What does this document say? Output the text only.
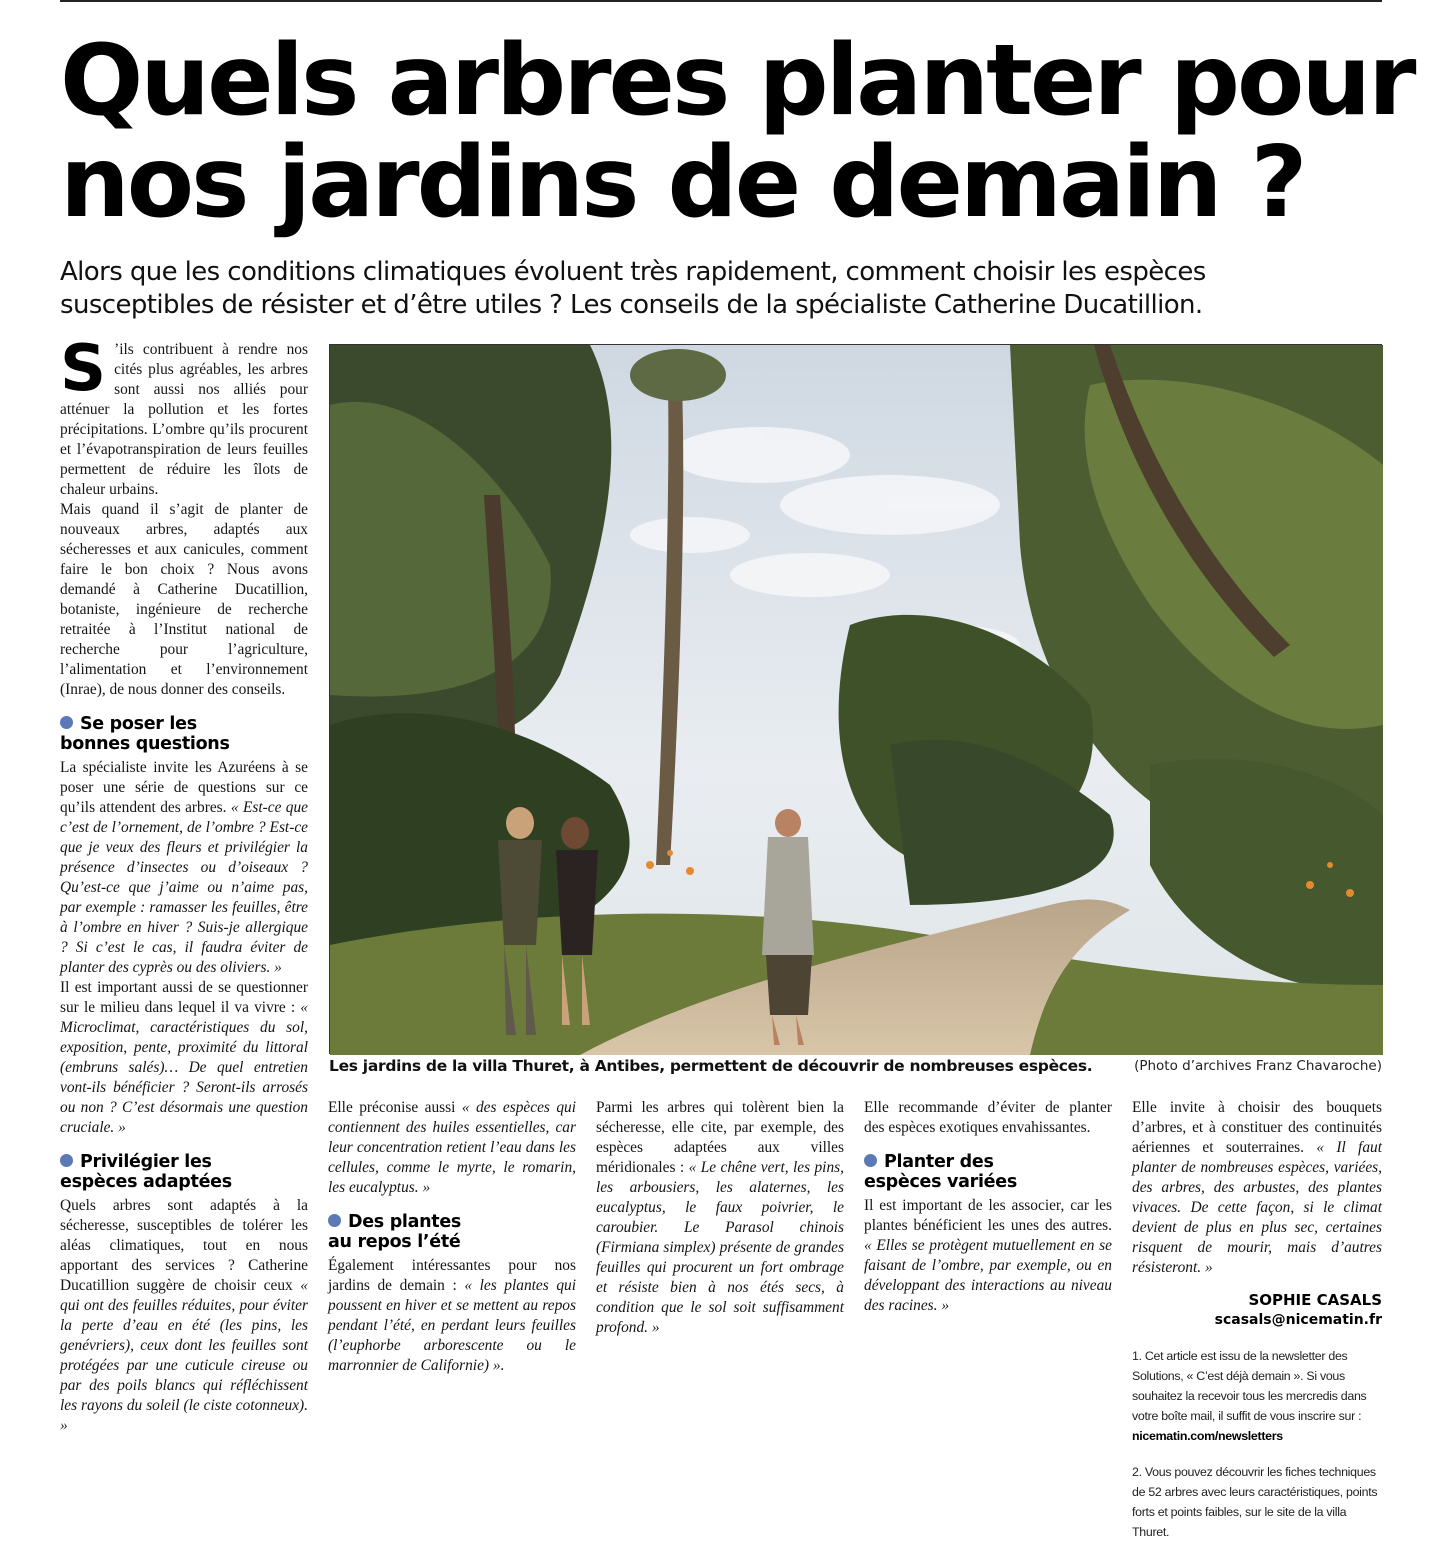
Quels arbres planter pour
nos jardins de demain ?
Alors que les conditions climatiques évoluent très rapidement, comment choisir les espèces
susceptibles de résister et d’être utiles ? Les conseils de la spécialiste Catherine Ducatillion.

S ’ils contribuent à rendre nos cités plus agréables, les arbres sont aussi nos alliés pour atténuer la pollution et les fortes précipitations. L’ombre qu’ils procurent et l’évapotranspiration de leurs feuilles permettent de réduire les îlots de chaleur urbains.

Mais quand il s’agit de planter de nouveaux arbres, adaptés aux sécheresses et aux canicules, comment faire le bon choix ? Nous avons demandé à Catherine Ducatillion, botaniste, ingénieure de recherche retraitée à l’Institut national de recherche pour l’agriculture, l’alimentation et l’environnement (Inrae), de nous donner des conseils.

Se poser les
bonnes questions

La spécialiste invite les Azuréens à se poser une série de questions sur ce qu’ils attendent des arbres. « Est-ce que c’est de l’ornement, de l’ombre ? Est-ce que je veux des fleurs et privilégier la présence d’insectes ou d’oiseaux ? Qu’est-ce que j’aime ou n’aime pas, par exemple : ramasser les feuilles, être à l’ombre en hiver ? Suis-je allergique ? Si c’est le cas, il faudra éviter de planter des cyprès ou des oliviers. »

Il est important aussi de se questionner sur le milieu dans lequel il va vivre : « Microclimat, caractéristiques du sol, exposition, pente, proximité du littoral (embruns salés)… De quel entretien vont-ils bénéficier ? Seront-ils arrosés ou non ? C’est désormais une question cruciale. »

Privilégier les
espèces adaptées

Quels arbres sont adaptés à la sécheresse, susceptibles de tolérer les aléas climatiques, tout en nous apportant des services ? Catherine Ducatillion suggère de choisir ceux « qui ont des feuilles réduites, pour éviter la perte d’eau en été (les pins, les genévriers), ceux dont les feuilles sont protégées par une cuticule cireuse ou par des poils blancs qui réfléchissent les rayons du soleil (le ciste cotonneux). »

Les jardins de la villa Thuret, à Antibes, permettent de découvrir de nombreuses espèces.	(Photo d’archives Franz Chavaroche)

Elle préconise aussi « des espèces qui contiennent des huiles essentielles, car leur concentration retient l’eau dans les cellules, comme le myrte, le romarin, les eucalyptus. »

Des plantes
au repos l’été

Également intéressantes pour nos jardins de demain : « les plantes qui poussent en hiver et se mettent au repos pendant l’été, en perdant leurs feuilles (l’euphorbe arborescente ou le marronnier de Californie) ».

Parmi les arbres qui tolèrent bien la sécheresse, elle cite, par exemple, des espèces adaptées aux villes méridionales : « Le chêne vert, les pins, les arbousiers, les alaternes, les eucalyptus, le faux poivrier, le caroubier. Le Parasol chinois (Firmiana simplex) présente de grandes feuilles qui procurent un fort ombrage et résiste bien à nos étés secs, à condition que le sol soit suffisamment profond. »

Elle recommande d’éviter de planter des espèces exotiques envahissantes.

Planter des
espèces variées

Il est important de les associer, car les plantes bénéficient les unes des autres. « Elles se protègent mutuellement en se faisant de l’ombre, par exemple, ou en développant des interactions au niveau des racines. »

Elle invite à choisir des bouquets d’arbres, et à constituer des continuités aériennes et souterraines. « Il faut planter de nombreuses espèces, variées, des arbres, des arbustes, des plantes vivaces. De cette façon, si le climat devient de plus en plus sec, certaines risquent de mourir, mais d’autres résisteront. »

SOPHIE CASALS
scasals@nicematin.fr
1. Cet article est issu de la newsletter des Solutions, « C’est déjà demain ». Si vous souhaitez la recevoir tous les mercredis dans votre boîte mail, il suffit de vous inscrire sur : nicematin.com/newsletters
2. Vous pouvez découvrir les fiches techniques de 52 arbres avec leurs caractéristiques, points forts et points faibles, sur le site de la villa Thuret.
